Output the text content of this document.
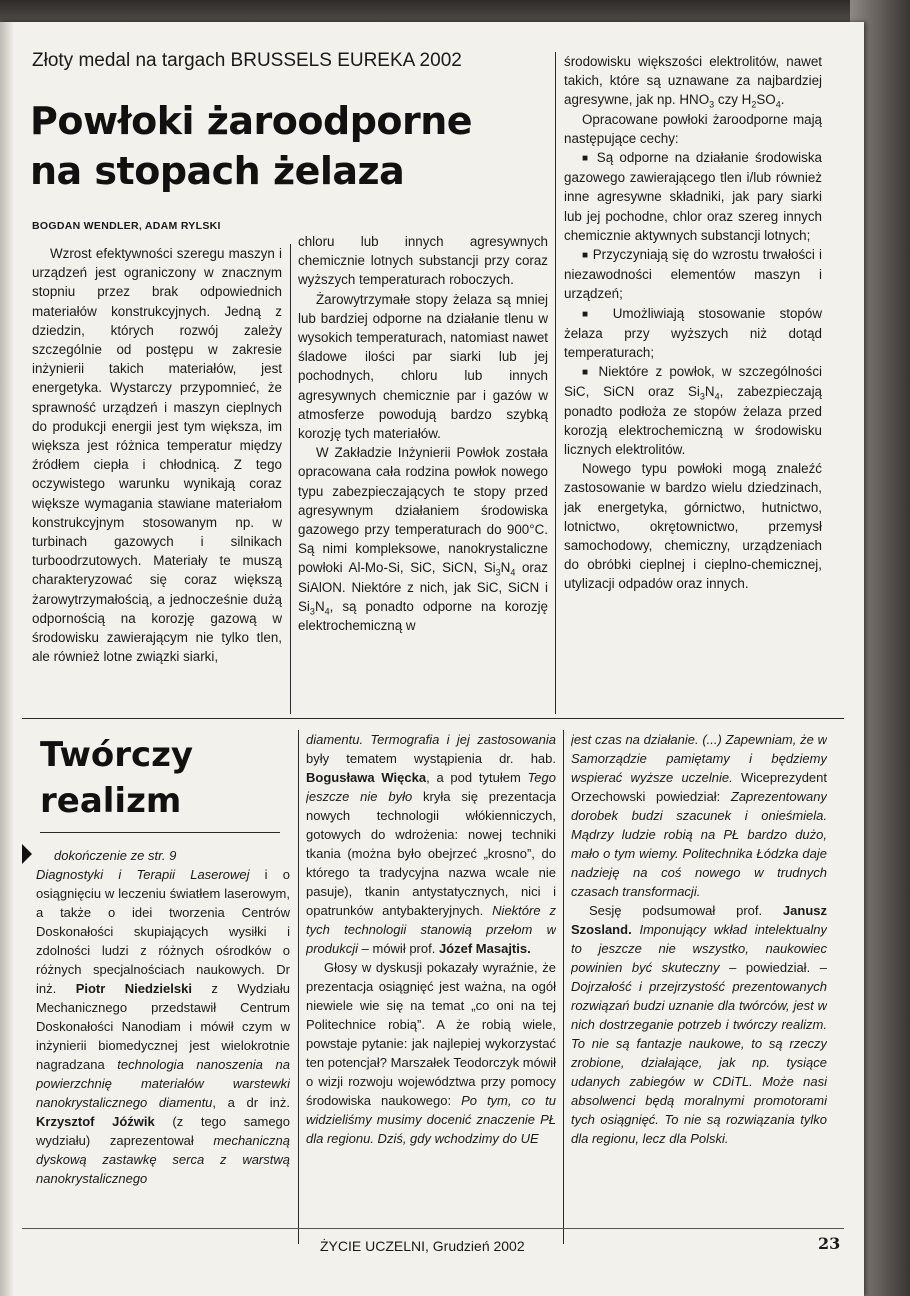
Złoty medal na targach BRUSSELS EUREKA 2002
Powłoki żaroodporne
na stopach żelaza
BOGDAN WENDLER, ADAM RYLSKI

Wzrost efektywności szeregu maszyn i urządzeń jest ograniczony w znacznym stopniu przez brak odpowiednich materiałów konstrukcyjnych. Jedną z dziedzin, których rozwój zależy szczególnie od postępu w zakresie inżynierii takich materiałów, jest energetyka. Wystarczy przypomnieć, że sprawność urządzeń i maszyn cieplnych do produkcji energii jest tym większa, im większa jest różnica temperatur między źródłem ciepła i chłodnicą. Z tego oczywistego warunku wynikają coraz większe wymagania stawiane materiałom konstrukcyjnym stosowanym np. w turbinach gazowych i silnikach turboodrzutowych. Materiały te muszą charakteryzować się coraz większą żarowytrzymałością, a jednocześnie dużą odpornością na korozję gazową w środowisku zawierającym nie tylko tlen, ale również lotne związki siarki,

chloru lub innych agresywnych chemicznie lotnych substancji przy coraz wyższych temperaturach roboczych.

Żarowytrzymałe stopy żelaza są mniej lub bardziej odporne na działanie tlenu w wysokich temperaturach, natomiast nawet śladowe ilości par siarki lub jej pochodnych, chloru lub innych agresywnych chemicznie par i gazów w atmosferze powodują bardzo szybką korozję tych materiałów.

W Zakładzie Inżynierii Powłok została opracowana cała rodzina powłok nowego typu zabezpieczających te stopy przed agresywnym działaniem środowiska gazowego przy temperaturach do 900°C. Są nimi kompleksowe, nanokrystaliczne powłoki Al-Mo-Si, SiC, SiCN, $Si_3N_4$ oraz SiAlON. Niektóre z nich, jak SiC, SiCN i $Si_3N_4$, są ponadto odporne na korozję elektrochemiczną w

środowisku większości elektrolitów, nawet takich, które są uznawane za najbardziej agresywne, jak np. $HNO_3$ czy $H_2SO_4$.

Opracowane powłoki żaroodporne mają następujące cechy:

■ Są odporne na działanie środowiska gazowego zawierającego tlen i/lub również inne agresywne składniki, jak pary siarki lub jej pochodne, chlor oraz szereg innych chemicznie aktywnych substancji lotnych;

■ Przyczyniają się do wzrostu trwałości i niezawodności elementów maszyn i urządzeń;

■ Umożliwiają stosowanie stopów żelaza przy wyższych niż dotąd temperaturach;

■ Niektóre z powłok, w szczególności SiC, SiCN oraz $Si_3N_4$, zabezpieczają ponadto podłoża ze stopów żelaza przed korozją elektrochemiczną w środowisku licznych elektrolitów.

Nowego typu powłoki mogą znaleźć zastosowanie w bardzo wielu dziedzinach, jak energetyka, górnictwo, hutnictwo, lotnictwo, okrętownictwo, przemysł samochodowy, chemiczny, urządzeniach do obróbki cieplnej i cieplno-chemicznej, utylizacji odpadów oraz innych.

Twórczy
realizm

dokończenie ze str. 9

Diagnostyki i Terapii Laserowej i o osiągnięciu w leczeniu światłem laserowym, a także o idei tworzenia Centrów Doskonałości skupiających wysiłki i zdolności ludzi z różnych ośrodków o różnych specjalnościach naukowych. Dr inż. Piotr Niedzielski z Wydziału Mechanicznego przedstawił Centrum Doskonałości Nanodiam i mówił czym w inżynierii biomedycznej jest wielokrotnie nagradzana technologia nanoszenia na powierzchnię materiałów warstewki nanokrystalicznego diamentu, a dr inż. Krzysztof Jóźwik (z tego samego wydziału) zaprezentował mechaniczną dyskową zastawkę serca z warstwą nanokrystalicznego

diamentu. Termografia i jej zastosowania były tematem wystąpienia dr. hab. Bogusława Więcka, a pod tytułem Tego jeszcze nie było kryła się prezentacja nowych technologii włókienniczych, gotowych do wdrożenia: nowej techniki tkania (można było obejrzeć „krosno”, do którego ta tradycyjna nazwa wcale nie pasuje), tkanin antystatycznych, nici i opatrunków antybakteryjnych. Niektóre z tych technologii stanowią przełom w produkcji – mówił prof. Józef Masajtis.

Głosy w dyskusji pokazały wyraźnie, że prezentacja osiągnięć jest ważna, na ogół niewiele wie się na temat „co oni na tej Politechnice robią”. A że robią wiele, powstaje pytanie: jak najlepiej wykorzystać ten potencjał? Marszałek Teodorczyk mówił o wizji rozwoju województwa przy pomocy środowiska naukowego: Po tym, co tu widzieliśmy musimy docenić znaczenie PŁ dla regionu. Dziś, gdy wchodzimy do UE

jest czas na działanie. (...) Zapewniam, że w Samorządzie pamiętamy i będziemy wspierać wyższe uczelnie. Wiceprezydent Orzechowski powiedział: Zaprezentowany dorobek budzi szacunek i onieśmiela. Mądrzy ludzie robią na PŁ bardzo dużo, mało o tym wiemy. Politechnika Łódzka daje nadzieję na coś nowego w trudnych czasach transformacji.

Sesję podsumował prof. Janusz Szosland. Imponujący wkład intelektualny to jeszcze nie wszystko, naukowiec powinien być skuteczny – powiedział. – Dojrzałość i przejrzystość prezentowanych rozwiązań budzi uznanie dla twórców, jest w nich dostrzeganie potrzeb i twórczy realizm. To nie są fantazje naukowe, to są rzeczy zrobione, działające, jak np. tysiące udanych zabiegów w CDiTL. Może nasi absolwenci będą moralnymi promotorami tych osiągnięć. To nie są rozwiązania tylko dla regionu, lecz dla Polski.

ŻYCIE UCZELNI, Grudzień 2002	23
